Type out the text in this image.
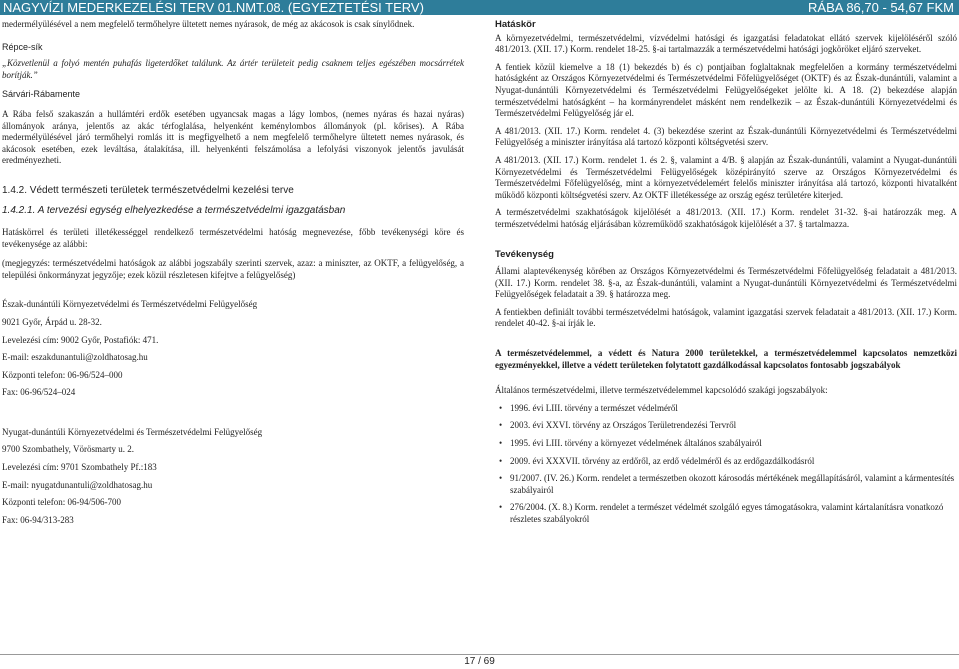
NAGYVÍZI MEDERKEZELÉSI TERV 01.NMT.08. (EGYEZTETÉSI TERV)	RÁBA 86,70 - 54,67 FKM

medermélyülésével a nem megfelelő termőhelyre ültetett nemes nyárasok, de még az akácosok is csak sínylődnek.

Répce-sík

„Közvetlenül a folyó mentén puhafás ligeterdőket találunk. Az ártér területeit pedig csaknem teljes egészében mocsárrétek borítják.”

Sárvári-Rábamente

A Rába felső szakaszán a hullámtéri erdők esetében ugyancsak magas a lágy lombos, (nemes nyáras és hazai nyáras) állományok aránya, jelentős az akác térfoglalása, helyenként keménylombos állományok (pl. kőrises). A Rába medermélyülésével járó termőhelyi romlás itt is megfigyelhető a nem megfelelő termőhelyre ültetett nemes nyárasok, és akácosok esetében, ezek leváltása, átalakítása, ill. helyenkénti felszámolása a lefolyási viszonyok jelentős javulását eredményezheti.

1.4.2. Védett természeti területek természetvédelmi kezelési terve

1.4.2.1. A tervezési egység elhelyezkedése a természetvédelmi igazgatásban

Hatáskörrel és területi illetékességgel rendelkező természetvédelmi hatóság megnevezése, főbb tevékenységi köre és tevékenysége az alábbi:

(megjegyzés: természetvédelmi hatóságok az alábbi jogszabály szerinti szervek, azaz: a miniszter, az OKTF, a felügyelőség, a települési önkormányzat jegyzője; ezek közül részletesen kifejtve a felügyelőség)

Észak-dunántúli Környezetvédelmi és Természetvédelmi Felügyelőség

9021 Győr, Árpád u. 28-32.

Levelezési cím: 9002 Győr, Postafiók: 471.

E-mail: eszakdunantuli@zoldhatosag.hu

Központi telefon: 06-96/524–000

Fax: 06-96/524–024

Nyugat-dunántúli Környezetvédelmi és Természetvédelmi Felügyelőség

9700 Szombathely, Vörösmarty u. 2.

Levelezési cím: 9701 Szombathely Pf.:183

E-mail: nyugatdunantuli@zoldhatosag.hu

Központi telefon: 06-94/506-700

Fax: 06-94/313-283

Hatáskör

A környezetvédelmi, természetvédelmi, vízvédelmi hatósági és igazgatási feladatokat ellátó szervek kijelöléséről szóló 481/2013. (XII. 17.) Korm. rendelet 18-25. §-ai tartalmazzák a természetvédelmi hatósági jogköröket eljáró szerveket.

A fentiek közül kiemelve a 18 (1) bekezdés b) és c) pontjaiban foglaltaknak megfelelően a kormány természetvédelmi hatóságként az Országos Környezetvédelmi és Természetvédelmi Főfelügyelőséget (OKTF) és az Észak-dunántúli, valamint a Nyugat-dunántúli Környezetvédelmi és Természetvédelmi Felügyelőségeket jelölte ki. A 18. (2) bekezdése alapján természetvédelmi hatóságként – ha kormányrendelet másként nem rendelkezik – az Észak-dunántúli Környezetvédelmi és Természetvédelmi Felügyelőség jár el.

A 481/2013. (XII. 17.) Korm. rendelet 4. (3) bekezdése szerint az Észak-dunántúli Környezetvédelmi és Természetvédelmi Felügyelőség a miniszter irányítása alá tartozó központi költségvetési szerv.

A 481/2013. (XII. 17.) Korm. rendelet 1. és 2. §, valamint a 4/B. § alapján az Észak-dunántúli, valamint a Nyugat-dunántúli Környezetvédelmi és Természetvédelmi Felügyelőségek közép​irányító szerve az Országos Környezetvédelmi és Természetvédelmi Főfelügyelőség, mint a környezetvédelemért felelős miniszter irányítása alá tartozó, központi hivatalként működő központi költségvetési szerv. Az OKTF illetékessége az ország egész területére kiterjed.

A természetvédelmi szakhatóságok kijelölését a 481/2013. (XII. 17.) Korm. rendelet 31-32. §-ai határozzák meg. A természetvédelmi hatóság eljárásában közreműködő szakhatóságok kijelölését a 37. § tartalmazza.

Tevékenység

Állami alaptevékenység körében az Országos Környezetvédelmi és Természetvédelmi Főfelügyelőség feladatait a 481/2013. (XII. 17.) Korm. rendelet 38. §-a, az Észak-dunántúli, valamint a Nyugat-dunántúli Környezetvédelmi és Természetvédelmi Felügyelőségek feladatait a 39. § határozza meg.

A fentiekben definiált további természetvédelmi hatóságok, valamint igazgatási szervek feladatait a 481/2013. (XII. 17.) Korm. rendelet 40-42. §-ai írják le.

A természetvédelemmel, a védett és Natura 2000 területekkel, a természetvédelemmel kapcsolatos nemzetközi egyezményekkel, illetve a védett területeken folytatott gazdálkodással kapcsolatos fontosabb jogszabályok

Általános természetvédelmi, illetve természetvédelemmel kapcsolódó szakági jogszabályok:

• 1996. évi LIII. törvény a természet védelméről
• 2003. évi XXVI. törvény az Országos Területrendezési Tervről
• 1995. évi LIII. törvény a környezet védelmének általános szabályairól
• 2009. évi XXXVII. törvény az erdőről, az erdő védelméről és az erdőgazdálkodásról
• 91/2007. (IV. 26.) Korm. rendelet a természetben okozott károsodás mértékének megállapításáról, valamint a kármentesítés szabályairól
• 276/2004. (X. 8.) Korm. rendelet a természet védelmét szolgáló egyes támogatásokra, valamint kártalanításra vonatkozó részletes szabályokról
17 / 69
